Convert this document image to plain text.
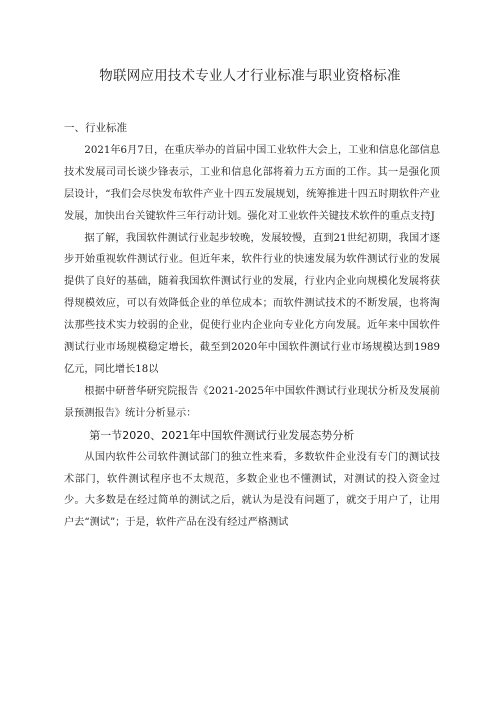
物联网应用技术专业人才行业标准与职业资格标准

一、行业标准

2021年6月7日，在重庆举办的首届中国工业软件大会上，工业和信息化部信息技术发展司司长谈少锋表示，工业和信息化部将着力五方面的工作。其一是强化顶层设计，“我们会尽快发布软件产业十四五发展规划，统筹推进十四五时期软件产业发展，加快出台关键软件三年行动计划。强化对工业软件关键技术软件的重点支持J

据了解，我国软件测试行业起步较晚，发展较慢，直到21世纪初期，我国才逐步开始重视软件测试行业。但近年来，软件行业的快速发展为软件测试行业的发展提供了良好的基础，随着我国软件测试行业的发展，行业内企业向规模化发展将获得规模效应，可以有效降低企业的单位成本；而软件测试技术的不断发展，也将淘汰那些技术实力较弱的企业，促使行业内企业向专业化方向发展。近年来中国软件测试行业市场规模稳定增长，截至到2020年中国软件测试行业市场规模达到1989亿元，同比增长18以

根据中研普华研究院报告《2021-2025年中国软件测试行业现状分析及发展前景预测报告》统计分析显示：

第一节2020、2021年中国软件测试行业发展态势分析

从国内软件公司软件测试部门的独立性来看，多数软件企业没有专门的测试技术部门，软件测试程序也不太规范，多数企业也不懂测试，对测试的投入资金过少。大多数是在经过简单的测试之后，就认为是没有问题了，就交于用户了，让用户去“测试”；于是，软件产品在没有经过严格测试
